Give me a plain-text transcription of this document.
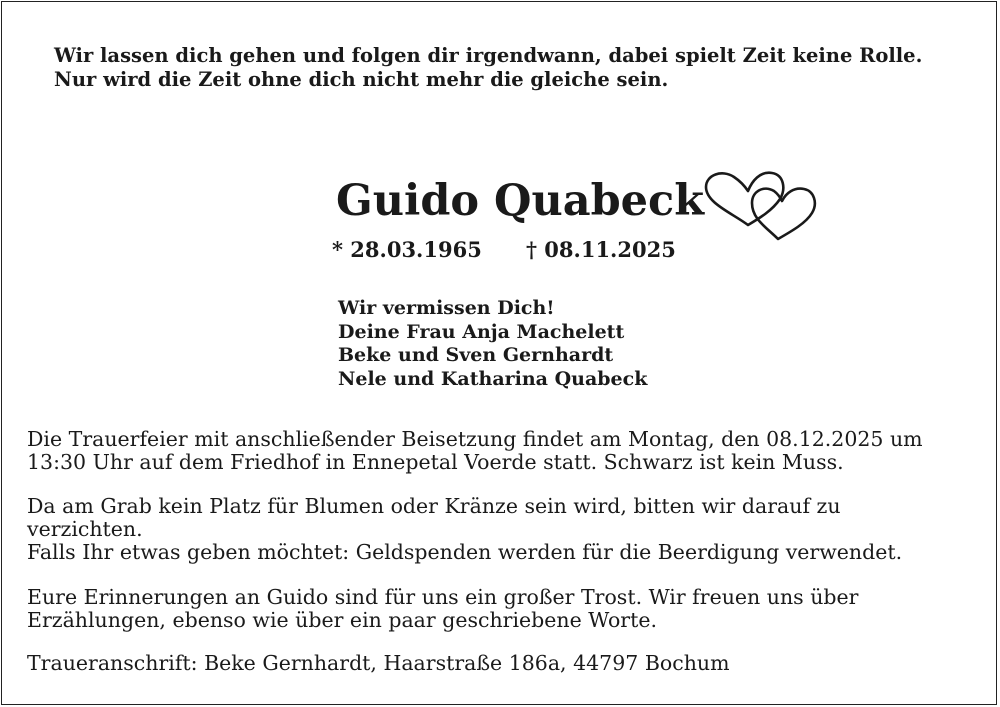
Wir lassen dich gehen und folgen dir irgendwann, dabei spielt Zeit keine Rolle.
Nur wird die Zeit ohne dich nicht mehr die gleiche sein.
Guido Quabeck
* 28.03.1965 † 08.11.2025
Wir vermissen Dich!
Deine Frau Anja Machelett
Beke und Sven Gernhardt
Nele und Katharina Quabeck
Die Trauerfeier mit anschließender Beisetzung findet am Montag, den 08.12.2025 um
13:30 Uhr auf dem Friedhof in Ennepetal Voerde statt. Schwarz ist kein Muss.
Da am Grab kein Platz für Blumen oder Kränze sein wird, bitten wir darauf zu
verzichten.
Falls Ihr etwas geben möchtet: Geldspenden werden für die Beerdigung verwendet.
Eure Erinnerungen an Guido sind für uns ein großer Trost. Wir freuen uns über
Erzählungen, ebenso wie über ein paar geschriebene Worte.
Traueranschrift: Beke Gernhardt, Haarstraße 186a, 44797 Bochum
